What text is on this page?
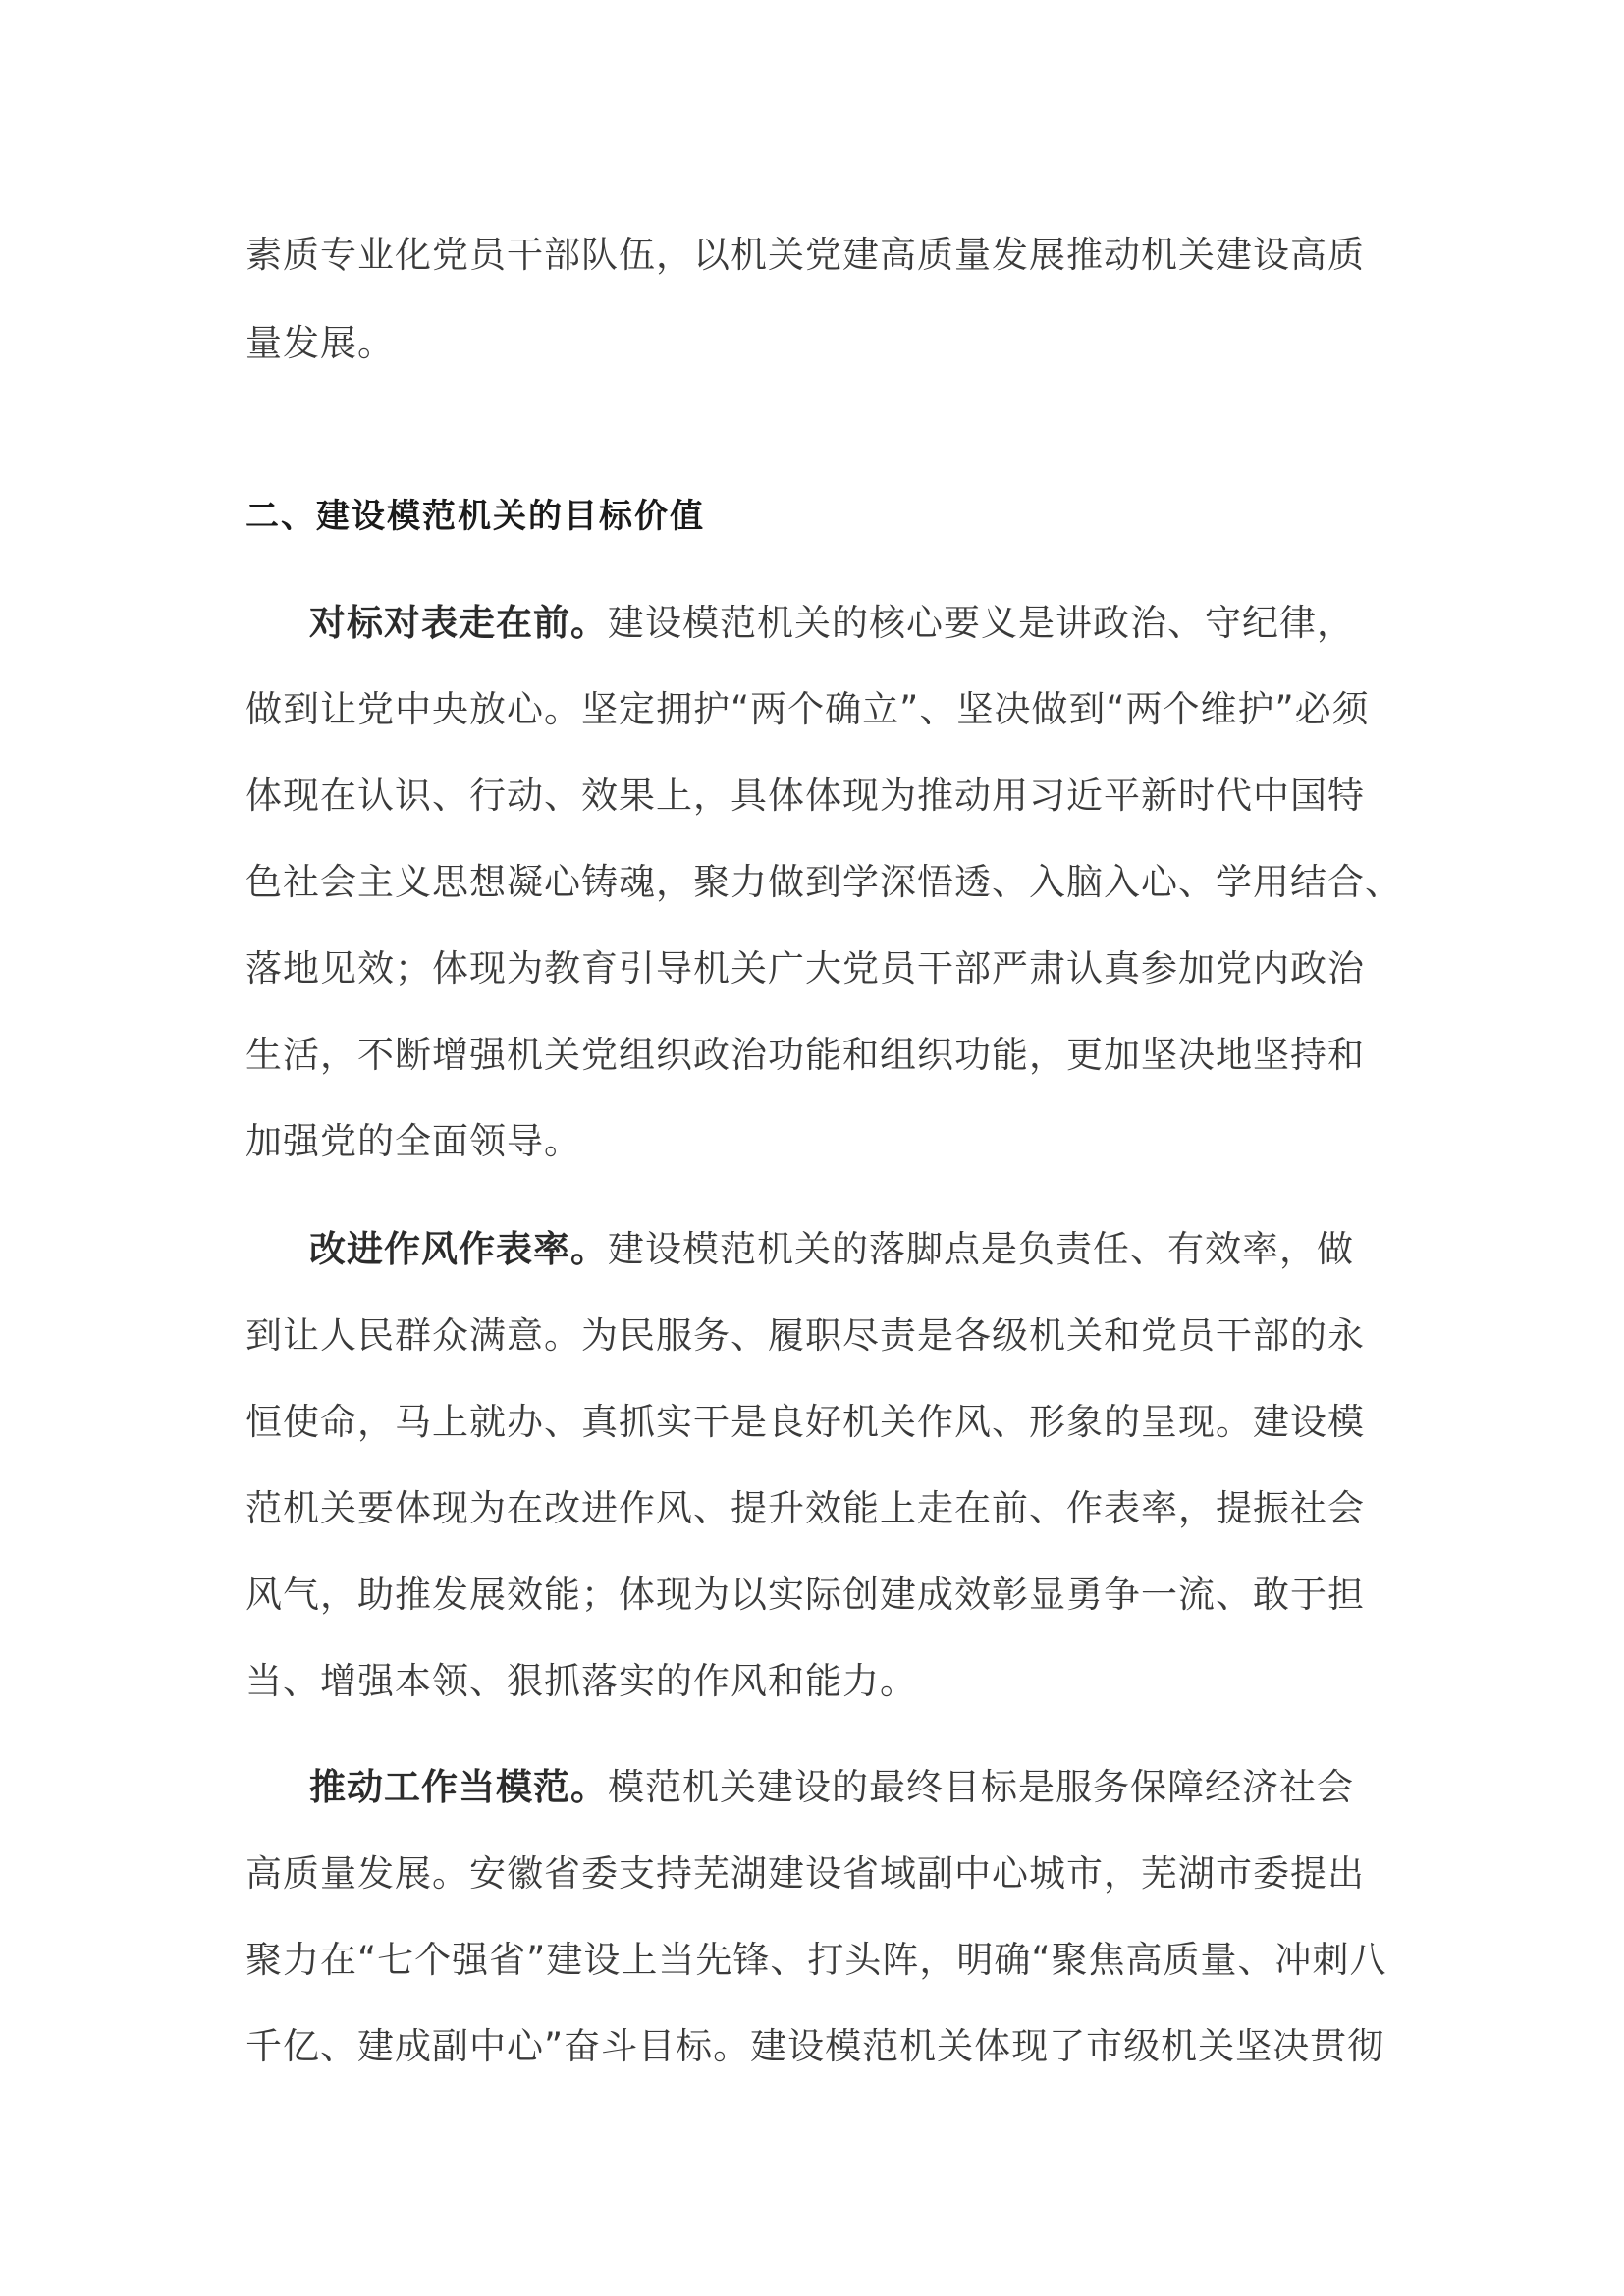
素质专业化党员干部队伍，以机关党建高质量发展推动机关建设高质
量发展。
二、建设模范机关的目标价值
对标对表走在前。建设模范机关的核心要义是讲政治、守纪律，
做到让党中央放心。坚定拥护“两个确立”、坚决做到“两个维护”必须
体现在认识、行动、效果上，具体体现为推动用习近平新时代中国特
色社会主义思想凝心铸魂，聚力做到学深悟透、入脑入心、学用结合、
落地见效；体现为教育引导机关广大党员干部严肃认真参加党内政治
生活，不断增强机关党组织政治功能和组织功能，更加坚决地坚持和
加强党的全面领导。
改进作风作表率。建设模范机关的落脚点是负责任、有效率，做
到让人民群众满意。为民服务、履职尽责是各级机关和党员干部的永
恒使命，马上就办、真抓实干是良好机关作风、形象的呈现。建设模
范机关要体现为在改进作风、提升效能上走在前、作表率，提振社会
风气，助推发展效能；体现为以实际创建成效彰显勇争一流、敢于担
当、增强本领、狠抓落实的作风和能力。
推动工作当模范。模范机关建设的最终目标是服务保障经济社会
高质量发展。安徽省委支持芜湖建设省域副中心城市，芜湖市委提出
聚力在“七个强省”建设上当先锋、打头阵，明确“聚焦高质量、冲刺八
千亿、建成副中心”奋斗目标。建设模范机关体现了市级机关坚决贯彻
